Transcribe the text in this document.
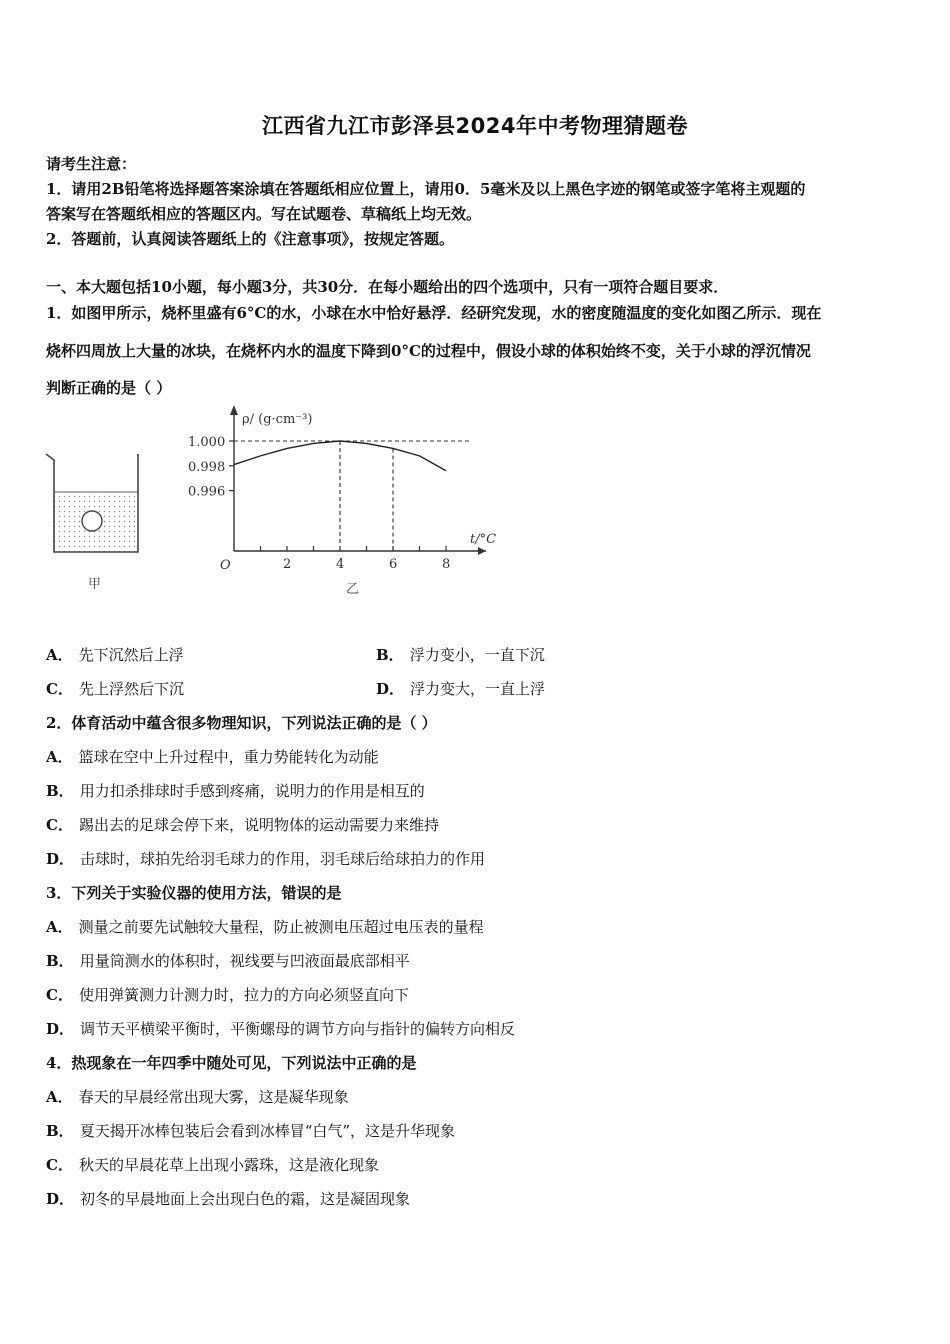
江西省九江市彭泽县2024年中考物理猜题卷
请考生注意：
1．请用2B铅笔将选择题答案涂填在答题纸相应位置上，请用0．5毫米及以上黑色字迹的钢笔或签字笔将主观题的
答案写在答题纸相应的答题区内。写在试题卷、草稿纸上均无效。
2．答题前，认真阅读答题纸上的《注意事项》，按规定答题。
一、本大题包括10小题，每小题3分，共30分．在每小题给出的四个选项中，只有一项符合题目要求．
1．如图甲所示，烧杯里盛有6°C的水，小球在水中恰好悬浮．经研究发现，水的密度随温度的变化如图乙所示．现在
烧杯四周放上大量的冰块，在烧杯内水的温度下降到0°C的过程中，假设小球的体积始终不变，关于小球的浮沉情况
判断正确的是（ ）
甲
ρ/ (g·cm⁻³)
t/°C
O
乙
2	4	6	8
1.000
0.998
0.996
A． 先下沉然后上浮	B． 浮力变小，一直下沉
C． 先上浮然后下沉	D． 浮力变大，一直上浮
2．体育活动中蕴含很多物理知识，下列说法正确的是（ ）
A． 篮球在空中上升过程中，重力势能转化为动能
B． 用力扣杀排球时手感到疼痛，说明力的作用是相互的
C． 踢出去的足球会停下来，说明物体的运动需要力来维持
D． 击球时，球拍先给羽毛球力的作用，羽毛球后给球拍力的作用
3．下列关于实验仪器的使用方法，错误的是
A． 测量之前要先试触较大量程，防止被测电压超过电压表的量程
B． 用量筒测水的体积时，视线要与凹液面最底部相平
C． 使用弹簧测力计测力时，拉力的方向必须竖直向下
D． 调节天平横梁平衡时，平衡螺母的调节方向与指针的偏转方向相反
4．热现象在一年四季中随处可见，下列说法中正确的是
A． 春天的早晨经常出现大雾，这是凝华现象
B． 夏天揭开冰棒包装后会看到冰棒冒“白气”，这是升华现象
C． 秋天的早晨花草上出现小露珠，这是液化现象
D． 初冬的早晨地面上会出现白色的霜，这是凝固现象
